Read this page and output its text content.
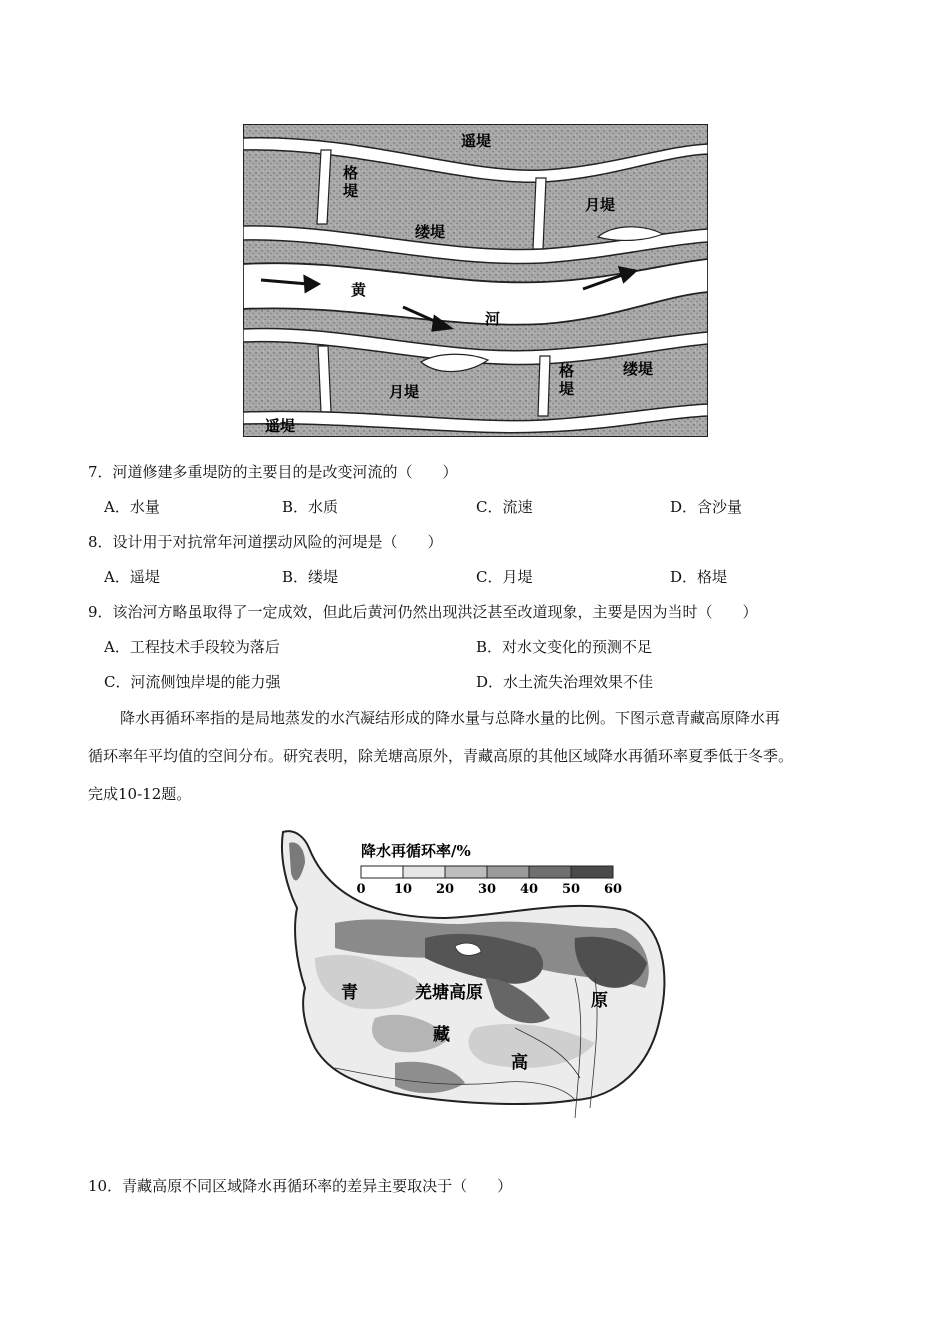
遥堤
格
堤
缕堤
月堤
黄
河
缕堤
格
堤
月堤
遥堤
7．河道修建多重堤防的主要目的是改变河流的（　　）
A．水量	B．水质	C．流速	D．含沙量
8．设计用于对抗常年河道摆动风险的河堤是（　　）
A．遥堤	B．缕堤	C．月堤	D．格堤
9．该治河方略虽取得了一定成效，但此后黄河仍然出现洪泛甚至改道现象，主要是因为当时（　　）
A．工程技术手段较为落后	B．对水文变化的预测不足
C．河流侧蚀岸堤的能力强	D．水土流失治理效果不佳
降水再循环率指的是局地蒸发的水汽凝结形成的降水量与总降水量的比例。下图示意青藏高原降水再
循环率年平均值的空间分布。研究表明，除羌塘高原外，青藏高原的其他区域降水再循环率夏季低于冬季。
完成10-12题。
降水再循环率/%
0 10 20 30 40 50 60
青	羌塘高原
藏
高
原
10．青藏高原不同区域降水再循环率的差异主要取决于（　　）
